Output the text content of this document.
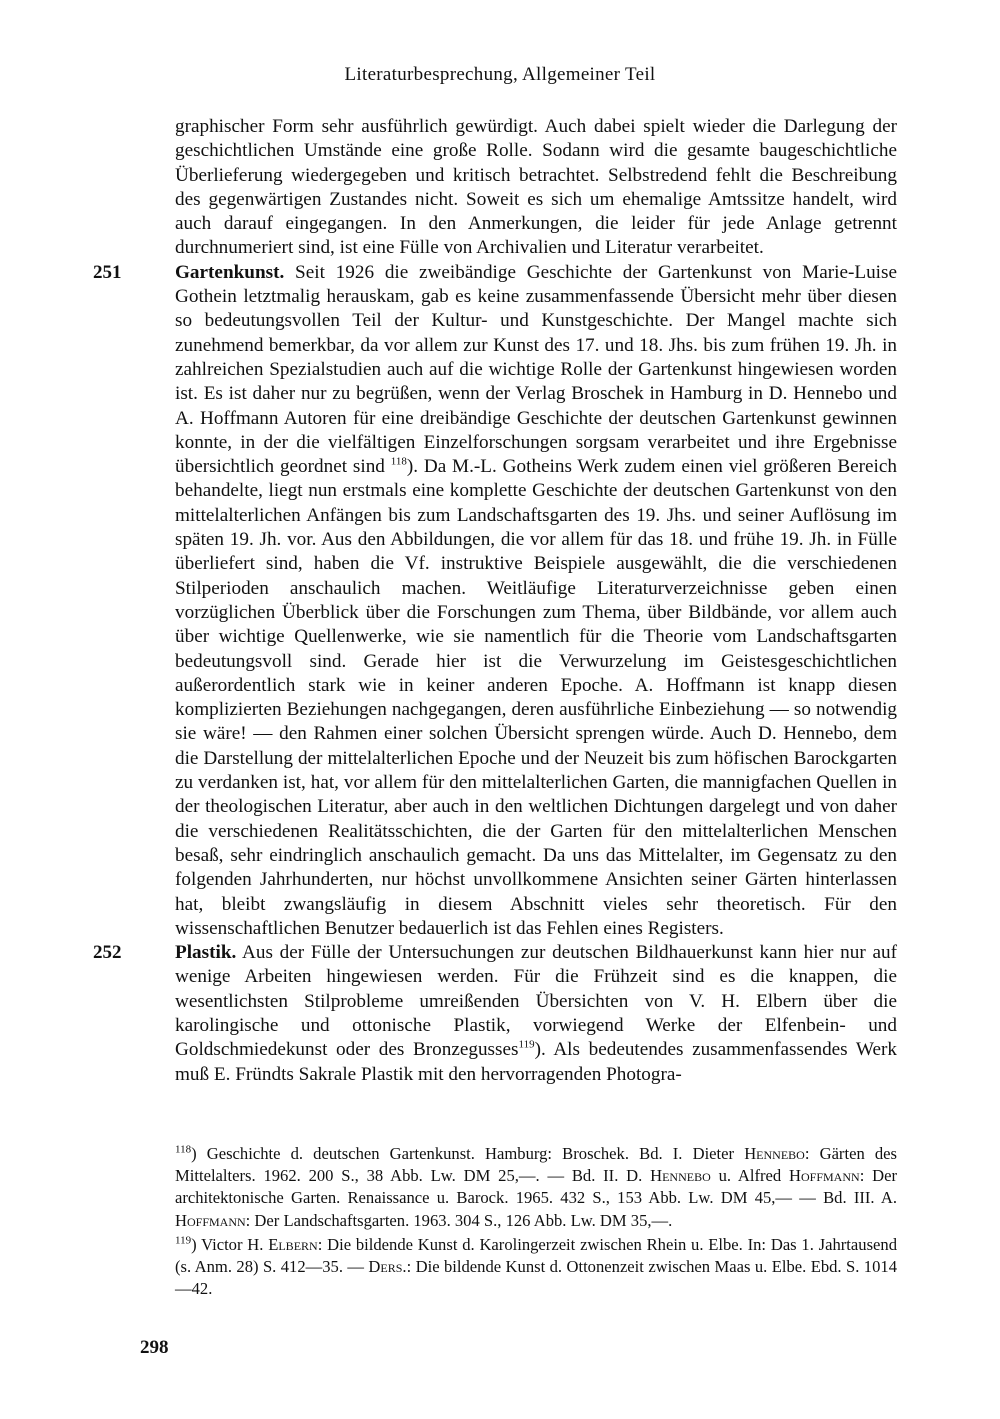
Literaturbesprechung, Allgemeiner Teil

graphischer Form sehr ausführlich gewürdigt. Auch dabei spielt wieder die Darlegung der geschichtlichen Umstände eine große Rolle. Sodann wird die gesamte baugeschichtliche Überlieferung wiedergegeben und kritisch betrachtet. Selbstredend fehlt die Beschreibung des gegenwärtigen Zustandes nicht. Soweit es sich um ehemalige Amtssitze handelt, wird auch darauf eingegangen. In den Anmerkungen, die leider für jede Anlage getrennt durchnumeriert sind, ist eine Fülle von Archivalien und Literatur verarbeitet.

251	Gartenkunst. Seit 1926 die zweibändige Geschichte der Gartenkunst von Marie-Luise Gothein letztmalig herauskam, gab es keine zusammenfassende Übersicht mehr über diesen so bedeutungsvollen Teil der Kultur- und Kunstgeschichte. Der Mangel machte sich zunehmend bemerkbar, da vor allem zur Kunst des 17. und 18. Jhs. bis zum frühen 19. Jh. in zahlreichen Spezialstudien auch auf die wichtige Rolle der Gartenkunst hingewiesen worden ist. Es ist daher nur zu begrüßen, wenn der Verlag Broschek in Hamburg in D. Hennebo und A. Hoffmann Autoren für eine dreibändige Geschichte der deutschen Gartenkunst gewinnen konnte, in der die vielfältigen Einzelforschungen sorgsam verarbeitet und ihre Ergebnisse übersichtlich geordnet sind $^{118}$). Da M.-L. Gotheins Werk zudem einen viel größeren Bereich behandelte, liegt nun erstmals eine komplette Geschichte der deutschen Gartenkunst von den mittelalterlichen Anfängen bis zum Landschaftsgarten des 19. Jhs. und seiner Auflösung im späten 19. Jh. vor. Aus den Abbildungen, die vor allem für das 18. und frühe 19. Jh. in Fülle überliefert sind, haben die Vf. instruktive Beispiele ausgewählt, die die verschiedenen Stilperioden anschaulich machen. Weitläufige Literaturverzeichnisse geben einen vorzüglichen Überblick über die Forschungen zum Thema, über Bildbände, vor allem auch über wichtige Quellenwerke, wie sie namentlich für die Theorie vom Landschaftsgarten bedeutungsvoll sind. Gerade hier ist die Verwurzelung im Geistesgeschichtlichen außerordentlich stark wie in keiner anderen Epoche. A. Hoffmann ist knapp diesen komplizierten Beziehungen nachgegangen, deren ausführliche Einbeziehung — so notwendig sie wäre! — den Rahmen einer solchen Übersicht sprengen würde. Auch D. Hennebo, dem die Darstellung der mittelalterlichen Epoche und der Neuzeit bis zum höfischen Barockgarten zu verdanken ist, hat, vor allem für den mittelalterlichen Garten, die mannigfachen Quellen in der theologischen Literatur, aber auch in den weltlichen Dichtungen dargelegt und von daher die verschiedenen Realitätsschichten, die der Garten für den mittelalterlichen Menschen besaß, sehr eindringlich anschaulich gemacht. Da uns das Mittelalter, im Gegensatz zu den folgenden Jahrhunderten, nur höchst unvollkommene Ansichten seiner Gärten hinterlassen hat, bleibt zwangsläufig in diesem Abschnitt vieles sehr theoretisch. Für den wissenschaftlichen Benutzer bedauerlich ist das Fehlen eines Registers.

252	Plastik. Aus der Fülle der Untersuchungen zur deutschen Bildhauerkunst kann hier nur auf wenige Arbeiten hingewiesen werden. Für die Frühzeit sind es die knappen, die wesentlichsten Stilprobleme umreißenden Übersichten von V. H. Elbern über die karolingische und ottonische Plastik, vorwiegend Werke der Elfenbein- und Goldschmiedekunst oder des Bronzegusses$^{119}$). Als bedeutendes zusammenfassendes Werk muß E. Fründts Sakrale Plastik mit den hervorragenden Photogra-

$^{118}$) Geschichte d. deutschen Gartenkunst. Hamburg: Broschek. Bd. I. Dieter Hennebo: Gärten des Mittelalters. 1962. 200 S., 38 Abb. Lw. DM 25,—. — Bd. II. D. Hennebo u. Alfred Hoffmann: Der architektonische Garten. Renaissance u. Barock. 1965. 432 S., 153 Abb. Lw. DM 45,— — Bd. III. A. Hoffmann: Der Landschaftsgarten. 1963. 304 S., 126 Abb. Lw. DM 35,—.

$^{119}$) Victor H. Elbern: Die bildende Kunst d. Karolingerzeit zwischen Rhein u. Elbe. In: Das 1. Jahrtausend (s. Anm. 28) S. 412—35. — Ders.: Die bildende Kunst d. Ottonenzeit zwischen Maas u. Elbe. Ebd. S. 1014—42.

298
